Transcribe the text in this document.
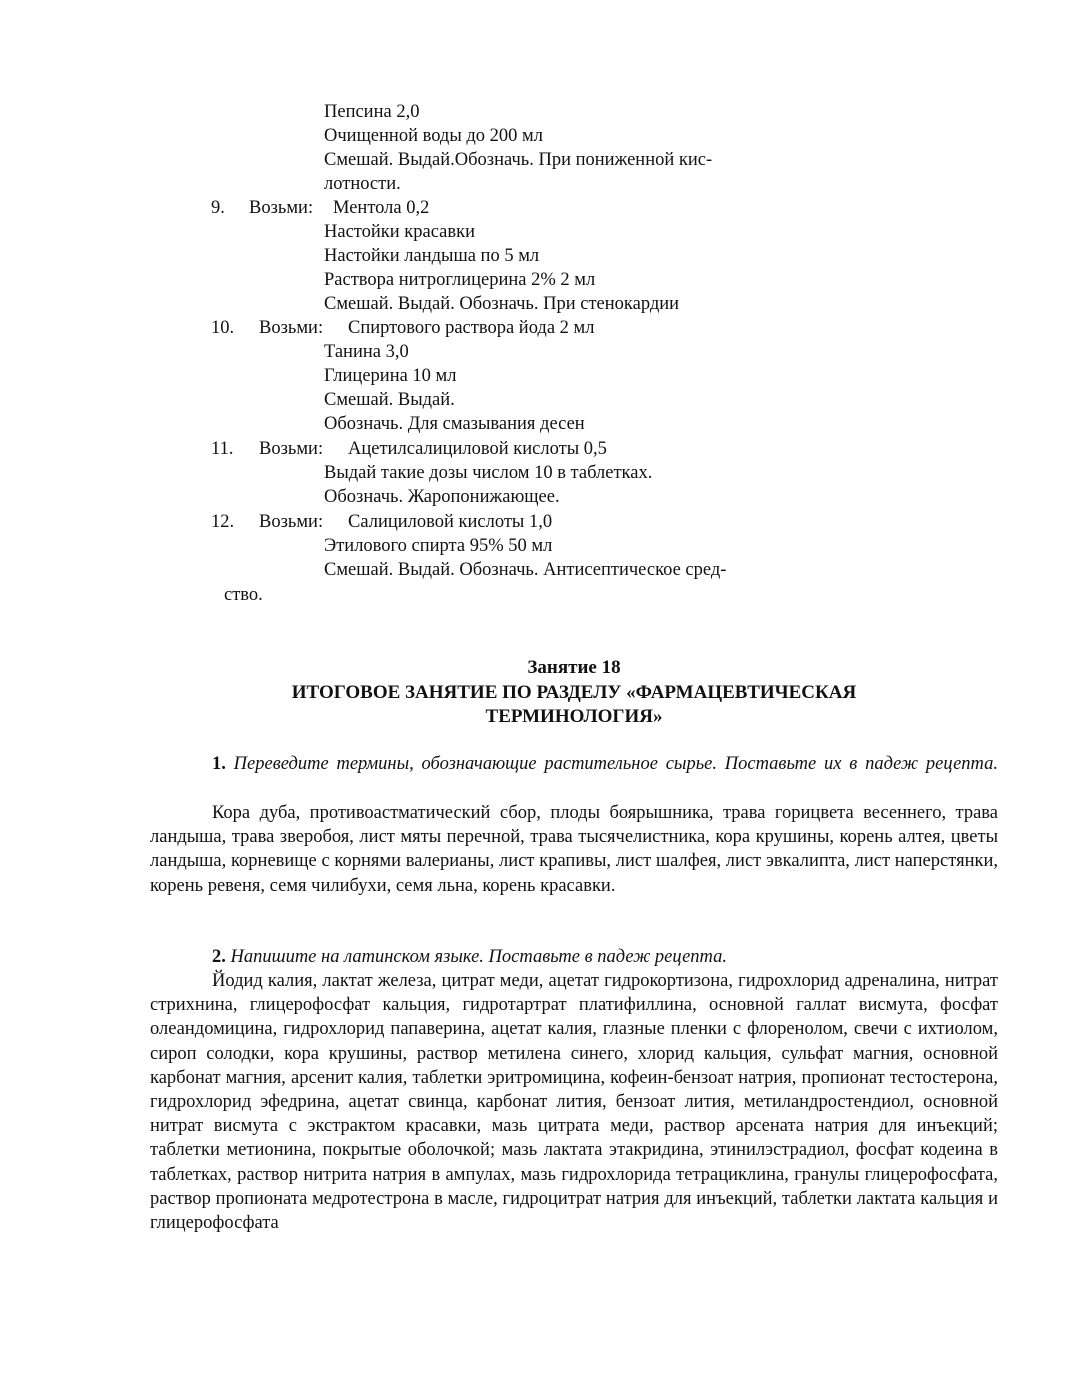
Пепсина 2,0
Очищенной воды до 200 мл
Смешай. Выдай.Обозначь. При пониженной кис-
лотности.
9. Возьми: Ментола 0,2
Настойки красавки
Настойки ландыша по 5 мл
Раствора нитроглицерина 2% 2 мл
Смешай. Выдай. Обозначь. При стенокардии
10. Возьми: Спиртового раствора йода 2 мл
Танина 3,0
Глицерина 10 мл
Смешай. Выдай.
Обозначь. Для смазывания десен
11. Возьми: Ацетилсалициловой кислоты 0,5
Выдай такие дозы числом 10 в таблетках.
Обозначь. Жаропонижающее.
12. Возьми: Салициловой кислоты 1,0
Этилового спирта 95% 50 мл
Смешай. Выдай. Обозначь. Антисептическое сред-
ство.
Занятие 18
ИТОГОВОЕ ЗАНЯТИЕ ПО РАЗДЕЛУ «ФАРМАЦЕВТИЧЕСКАЯ
ТЕРМИНОЛОГИЯ»
1. Переведите термины, обозначающие растительное сырье. Поставьте их в падеж рецепта.
Кора дуба, противоастматический сбор, плоды боярышника, трава горицвета весеннего, трава ландыша, трава зверобоя, лист мяты перечной, трава тысячелистника, кора крушины, корень алтея, цветы ландыша, корневище с корнями валерианы, лист крапивы, лист шалфея, лист эвкалипта, лист наперстянки, корень ревеня, семя чилибухи, семя льна, корень красавки.
2. Напишите на латинском языке. Поставьте в падеж рецепта.
Йодид калия, лактат железа, цитрат меди, ацетат гидрокортизона, гидрохлорид адреналина, нитрат стрихнина, глицерофосфат кальция, гидротартрат платифиллина, основной галлат висмута, фосфат олеандомицина, гидрохлорид папаверина, ацетат калия, глазные пленки с флоренолом, свечи с ихтиолом, сироп солодки, кора крушины, раствор метилена синего, хлорид кальция, сульфат магния, основной карбонат магния, арсенит калия, таблетки эритромицина, кофеин-бензоат натрия, пропионат тестостерона, гидрохлорид эфедрина, ацетат свинца, карбонат лития, бензоат лития, метиландростендиол, основной нитрат висмута с экстрактом красавки, мазь цитрата меди, раствор арсената натрия для инъекций; таблетки метионина, покрытые оболочкой; мазь лактата этакридина, этинилэстрадиол, фосфат кодеина в таблетках, раствор нитрита натрия в ампулах, мазь гидрохлорида тетрациклина, гранулы глицерофосфата, раствор пропионата медротестрона в масле, гидроцитрат натрия для инъекций, таблетки лактата кальция и глицерофосфата
